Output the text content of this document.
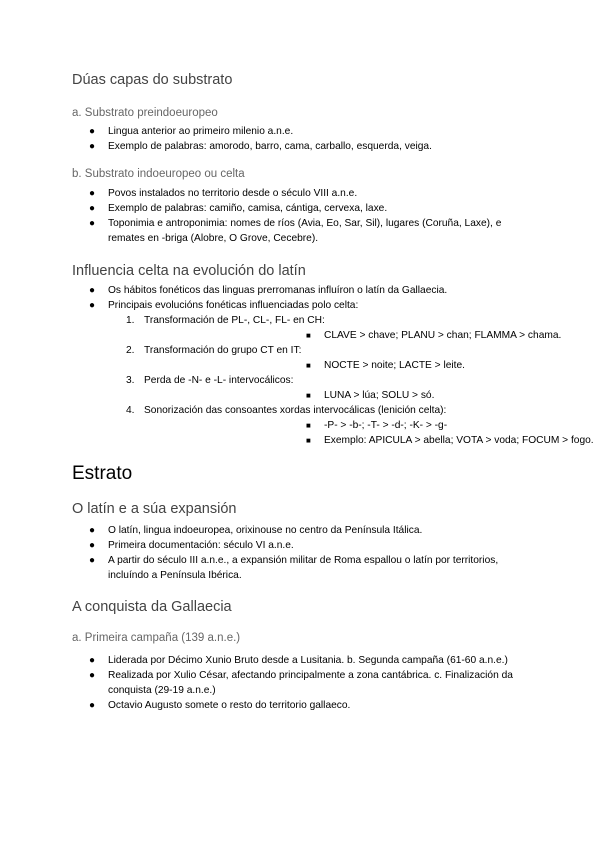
Dúas capas do substrato
a. Substrato preindoeuropeo
● Lingua anterior ao primeiro milenio a.n.e.
● Exemplo de palabras: amorodo, barro, cama, carballo, esquerda, veiga.
b. Substrato indoeuropeo ou celta
● Povos instalados no territorio desde o século VIII a.n.e.
● Exemplo de palabras: camiño, camisa, cántiga, cervexa, laxe.
● Toponimia e antroponimia: nomes de ríos (Avia, Eo, Sar, Sil), lugares (Coruña, Laxe), e remates en -briga (Alobre, O Grove, Cecebre).
Influencia celta na evolución do latín
● Os hábitos fonéticos das linguas prerromanas influíron o latín da Gallaecia.
● Principais evolucións fonéticas influenciadas polo celta:
1. Transformación de PL-, CL-, FL- en CH:
■ CLAVE > chave; PLANU > chan; FLAMMA > chama.
2. Transformación do grupo CT en IT:
■ NOCTE > noite; LACTE > leite.
3. Perda de -N- e -L- intervocálicos:
■ LUNA > lúa; SOLU > só.
4. Sonorización das consoantes xordas intervocálicas (lenición celta):
■ -P- > -b-; -T- > -d-; -K- > -g-
■ Exemplo: APICULA > abella; VOTA > voda; FOCUM > fogo.
Estrato
O latín e a súa expansión
● O latín, lingua indoeuropea, orixinouse no centro da Península Itálica.
● Primeira documentación: século VI a.n.e.
● A partir do século III a.n.e., a expansión militar de Roma espallou o latín por territorios, incluíndo a Península Ibérica.
A conquista da Gallaecia
a. Primeira campaña (139 a.n.e.)
● Liderada por Décimo Xunio Bruto desde a Lusitania. b. Segunda campaña (61-60 a.n.e.)
● Realizada por Xulio César, afectando principalmente a zona cantábrica. c. Finalización da conquista (29-19 a.n.e.)
● Octavio Augusto somete o resto do territorio gallaeco.
